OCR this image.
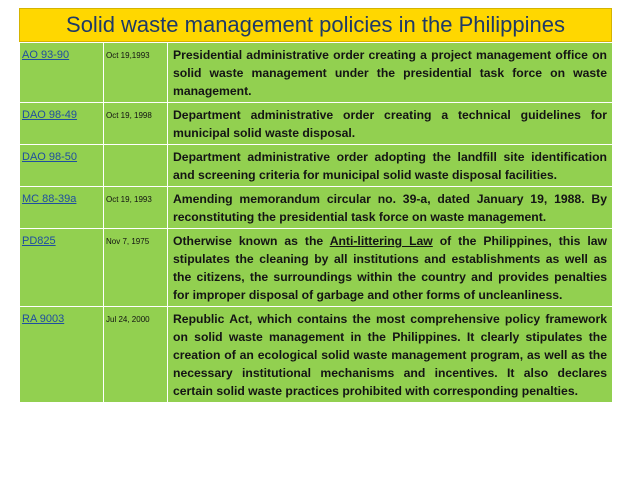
Solid waste management policies in the Philippines
AO 93-90	Oct 19,1993	Presidential administrative order creating a project management office on solid waste management under the presidential task force on waste management.

DAO 98-49	Oct 19, 1998	Department administrative order creating a technical guidelines for municipal solid waste disposal.

DAO 98-50		Department administrative order adopting the landfill site identification and screening criteria for municipal solid waste disposal facilities.

MC 88-39a	Oct 19, 1993	Amending memorandum circular no. 39-a, dated January 19, 1988. By reconstituting the presidential task force on waste management.

PD825	Nov 7, 1975	Otherwise known as the Anti-littering Law of the Philippines, this law stipulates the cleaning by all institutions and establishments as well as the citizens, the surroundings within the country and provides penalties for improper disposal of garbage and other forms of uncleanliness.

RA 9003	Jul 24, 2000	Republic Act, which contains the most comprehensive policy framework on solid waste management in the Philippines. It clearly stipulates the creation of an ecological solid waste management program, as well as the necessary institutional mechanisms and incentives. It also declares certain solid waste practices prohibited with corresponding penalties.
